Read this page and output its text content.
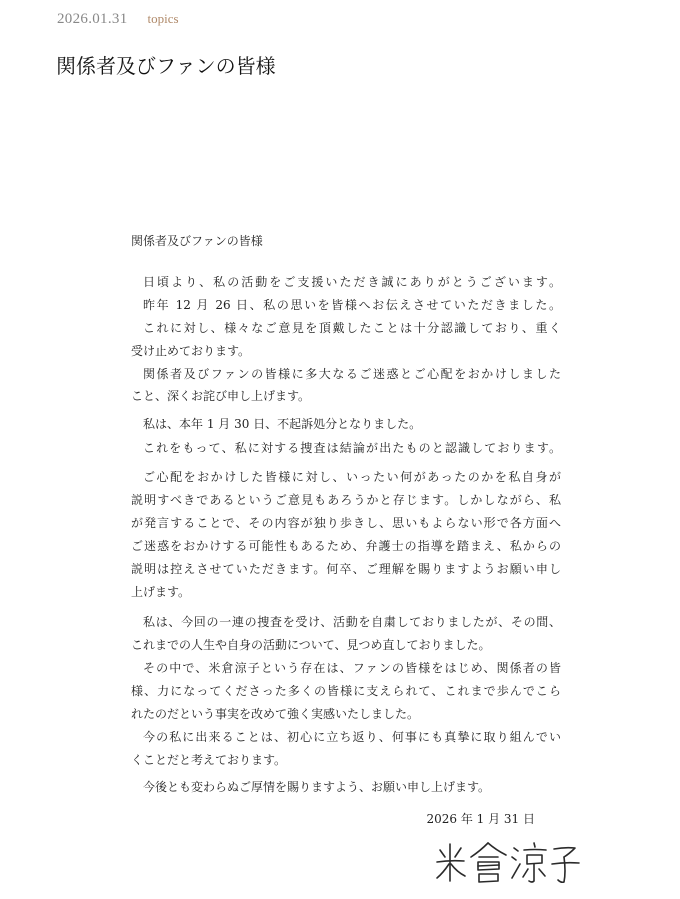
2026.01.31 topics
関係者及びファンの皆様
関係者及びファンの皆様
日頃より、私の活動をご支援いただき誠にありがとうございます。
昨年 12 月 26 日、私の思いを皆様へお伝えさせていただきました。
これに対し、様々なご意見を頂戴したことは十分認識しており、重く
受け止めております。
関係者及びファンの皆様に多大なるご迷惑とご心配をおかけしました
こと、深くお詫び申し上げます。
私は、本年 1 月 30 日、不起訴処分となりました。
これをもって、私に対する捜査は結論が出たものと認識しております。
ご心配をおかけした皆様に対し、いったい何があったのかを私自身が
説明すべきであるというご意見もあろうかと存じます。しかしながら、私
が発言することで、その内容が独り歩きし、思いもよらない形で各方面へ
ご迷惑をおかけする可能性もあるため、弁護士の指導を踏まえ、私からの
説明は控えさせていただきます。何卒、ご理解を賜りますようお願い申し
上げます。
私は、今回の一連の捜査を受け、活動を自粛しておりましたが、その間、
これまでの人生や自身の活動について、見つめ直しておりました。
その中で、米倉涼子という存在は、ファンの皆様をはじめ、関係者の皆
様、力になってくださった多くの皆様に支えられて、これまで歩んでこら
れたのだという事実を改めて強く実感いたしました。
今の私に出来ることは、初心に立ち返り、何事にも真摯に取り組んでい
くことだと考えております。
今後とも変わらぬご厚情を賜りますよう、お願い申し上げます。
2026 年 1 月 31 日
